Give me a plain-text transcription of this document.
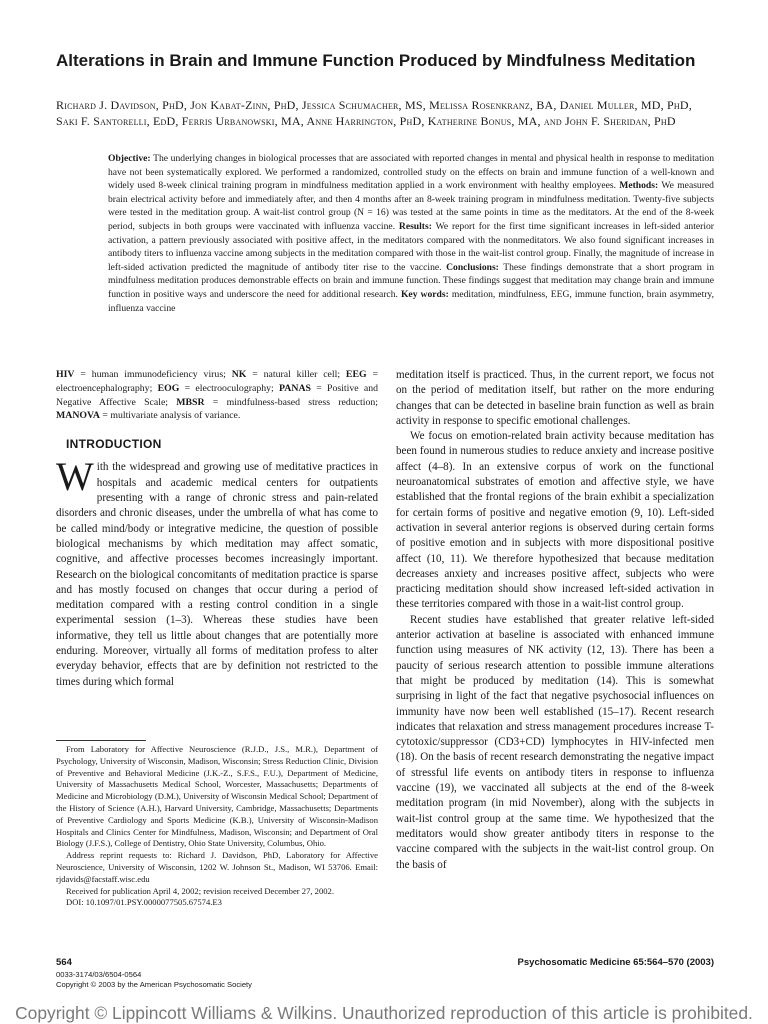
Alterations in Brain and Immune Function Produced by Mindfulness Meditation
Richard J. Davidson, PhD, Jon Kabat-Zinn, PhD, Jessica Schumacher, MS, Melissa Rosenkranz, BA, Daniel Muller, MD, PhD, Saki F. Santorelli, EdD, Ferris Urbanowski, MA, Anne Harrington, PhD, Katherine Bonus, MA, and John F. Sheridan, PhD
Objective: The underlying changes in biological processes that are associated with reported changes in mental and physical health in response to meditation have not been systematically explored. We performed a randomized, controlled study on the effects on brain and immune function of a well-known and widely used 8-week clinical training program in mindfulness meditation applied in a work environment with healthy employees. Methods: We measured brain electrical activity before and immediately after, and then 4 months after an 8-week training program in mindfulness meditation. Twenty-five subjects were tested in the meditation group. A wait-list control group (N = 16) was tested at the same points in time as the meditators. At the end of the 8-week period, subjects in both groups were vaccinated with influenza vaccine. Results: We report for the first time significant increases in left-sided anterior activation, a pattern previously associated with positive affect, in the meditators compared with the nonmeditators. We also found significant increases in antibody titers to influenza vaccine among subjects in the meditation compared with those in the wait-list control group. Finally, the magnitude of increase in left-sided activation predicted the magnitude of antibody titer rise to the vaccine. Conclusions: These findings demonstrate that a short program in mindfulness meditation produces demonstrable effects on brain and immune function. These findings suggest that meditation may change brain and immune function in positive ways and underscore the need for additional research. Key words: meditation, mindfulness, EEG, immune function, brain asymmetry, influenza vaccine

HIV = human immunodeficiency virus; NK = natural killer cell; EEG = electroencephalography; EOG = electrooculography; PANAS = Positive and Negative Affective Scale; MBSR = mindfulness-based stress reduction; MANOVA = multivariate analysis of variance.

INTRODUCTION

With the widespread and growing use of meditative practices in hospitals and academic medical centers for outpatients presenting with a range of chronic stress and pain-related disorders and chronic diseases, under the umbrella of what has come to be called mind/body or integrative medicine, the question of possible biological mechanisms by which meditation may affect somatic, cognitive, and affective processes becomes increasingly important. Research on the biological concomitants of meditation practice is sparse and has mostly focused on changes that occur during a period of meditation compared with a resting control condition in a single experimental session (1–3). Whereas these studies have been informative, they tell us little about changes that are potentially more enduring. Moreover, virtually all forms of meditation profess to alter everyday behavior, effects that are by definition not restricted to the times during which formal

From Laboratory for Affective Neuroscience (R.J.D., J.S., M.R.), Department of Psychology, University of Wisconsin, Madison, Wisconsin; Stress Reduction Clinic, Division of Preventive and Behavioral Medicine (J.K.-Z., S.F.S., F.U.), Department of Medicine, University of Massachusetts Medical School, Worcester, Massachusetts; Departments of Medicine and Microbiology (D.M.), University of Wisconsin Medical School; Department of the History of Science (A.H.), Harvard University, Cambridge, Massachusetts; Departments of Preventive Cardiology and Sports Medicine (K.B.), University of Wisconsin-Madison Hospitals and Clinics Center for Mindfulness, Madison, Wisconsin; and Department of Oral Biology (J.F.S.), College of Dentistry, Ohio State University, Columbus, Ohio.

Address reprint requests to: Richard J. Davidson, PhD, Laboratory for Affective Neuroscience, University of Wisconsin, 1202 W. Johnson St., Madison, WI 53706. Email: rjdavids@facstaff.wisc.edu

Received for publication April 4, 2002; revision received December 27, 2002.

DOI: 10.1097/01.PSY.0000077505.67574.E3

meditation itself is practiced. Thus, in the current report, we focus not on the period of meditation itself, but rather on the more enduring changes that can be detected in baseline brain function as well as brain activity in response to specific emotional challenges.

We focus on emotion-related brain activity because meditation has been found in numerous studies to reduce anxiety and increase positive affect (4–8). In an extensive corpus of work on the functional neuroanatomical substrates of emotion and affective style, we have established that the frontal regions of the brain exhibit a specialization for certain forms of positive and negative emotion (9, 10). Left-sided activation in several anterior regions is observed during certain forms of positive emotion and in subjects with more dispositional positive affect (10, 11). We therefore hypothesized that because meditation decreases anxiety and increases positive affect, subjects who were practicing meditation should show increased left-sided activation in these territories compared with those in a wait-list control group.

Recent studies have established that greater relative left-sided anterior activation at baseline is associated with enhanced immune function using measures of NK activity (12, 13). There has been a paucity of serious research attention to possible immune alterations that might be produced by meditation (14). This is somewhat surprising in light of the fact that negative psychosocial influences on immunity have now been well established (15–17). Recent research indicates that relaxation and stress management procedures increase T-cytotoxic/suppressor (CD3+CD) lymphocytes in HIV-infected men (18). On the basis of recent research demonstrating the negative impact of stressful life events on antibody titers in response to influenza vaccine (19), we vaccinated all subjects at the end of the 8-week meditation program (in mid November), along with the subjects in wait-list control group at the same time. We hypothesized that the meditators would show greater antibody titers in response to the vaccine compared with the subjects in the wait-list control group. On the basis of

564	Psychosomatic Medicine 65:564–570 (2003)
0033-3174/03/6504-0564
Copyright © 2003 by the American Psychosomatic Society
Copyright © Lippincott Williams & Wilkins. Unauthorized reproduction of this article is prohibited.
